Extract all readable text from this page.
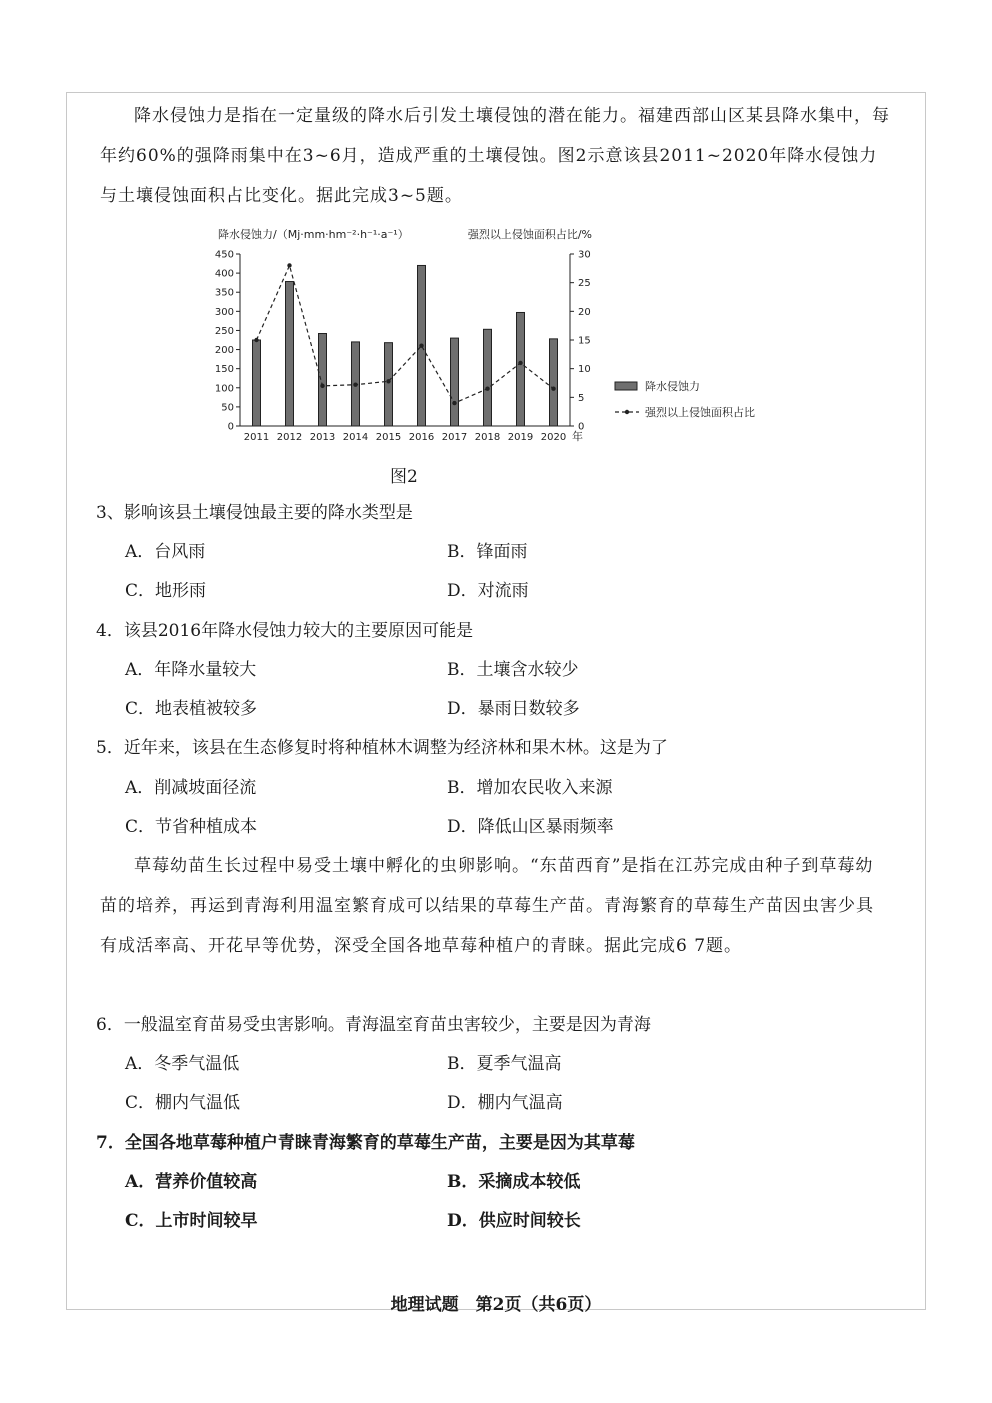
降水侵蚀力是指在一定量级的降水后引发土壤侵蚀的潜在能力。福建西部山区某县降水集中，每年约60%的强降雨集中在3~6月，造成严重的土壤侵蚀。图2示意该县2011~2020年降水侵蚀力与土壤侵蚀面积占比变化。据此完成3~5题。

0
50
100
150
200
250
300
350
400
450
0
5
10
15
20
25
30
降水侵蚀力/（Mj·mm·hm⁻²·h⁻¹·a⁻¹）	强烈以上侵蚀面积占比/%
2011 2012 2013 2014 2015 2016 2017 2018 2019 2020 年
降水侵蚀力
强烈以上侵蚀面积占比
图2
3、影响该县土壤侵蚀最主要的降水类型是
A．台风雨	B．锋面雨
C．地形雨	D．对流雨
4．该县2016年降水侵蚀力较大的主要原因可能是
A．年降水量较大	B．土壤含水较少
C．地表植被较多	D．暴雨日数较多
5．近年来，该县在生态修复时将种植林木调整为经济林和果木林。这是为了
A．削减坡面径流	B．增加农民收入来源
C．节省种植成本	D．降低山区暴雨频率

草莓幼苗生长过程中易受土壤中孵化的虫卵影响。“东苗西育”是指在江苏完成由种子到草莓幼苗的培养，再运到青海利用温室繁育成可以结果的草莓生产苗。青海繁育的草莓生产苗因虫害少具有成活率高、开花早等优势，深受全国各地草莓种植户的青睐。据此完成6 7题。

6．一般温室育苗易受虫害影响。青海温室育苗虫害较少，主要是因为青海
A．冬季气温低	B．夏季气温高
C．棚内气温低	D．棚内气温高
7．全国各地草莓种植户青睐青海繁育的草莓生产苗，主要是因为其草莓
A．营养价值较高	B．采摘成本较低
C．上市时间较早	D．供应时间较长
地理试题　第2页（共6页）
